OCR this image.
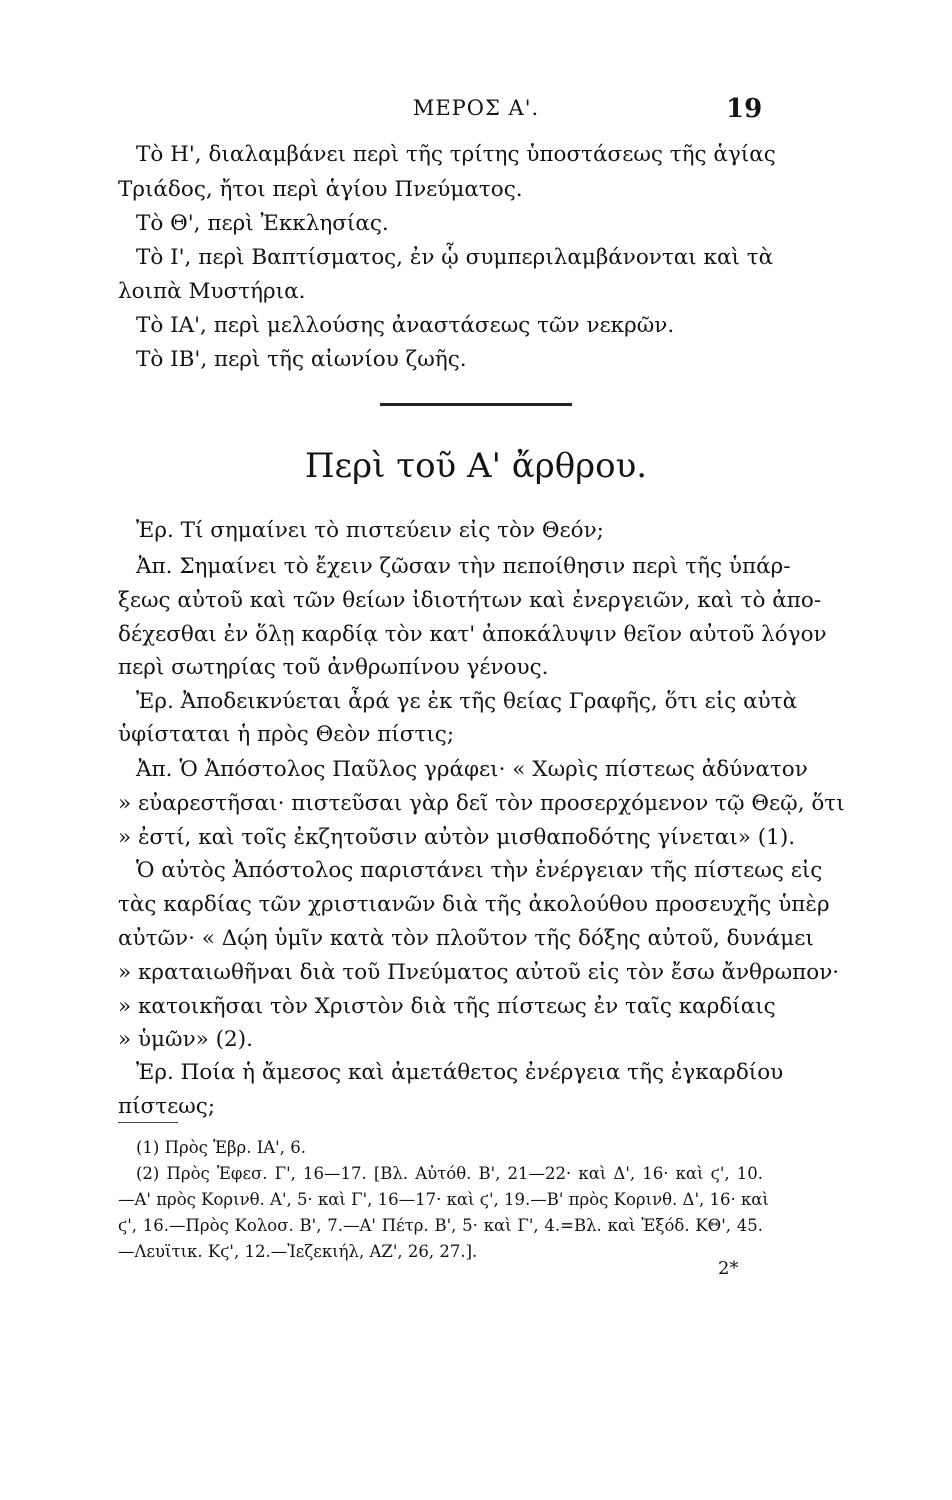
ΜΕΡΟΣ Α'.	19
Τὸ Η', διαλαμβάνει περὶ τῆς τρίτης ὑποστάσεως τῆς ἁγίας
Τριάδος, ἤτοι περὶ ἁγίου Πνεύματος.
Τὸ Θ', περὶ Ἐκκλησίας.
Τὸ Ι', περὶ Βαπτίσματος, ἐν ᾧ συμπεριλαμβάνονται καὶ τὰ
λοιπὰ Μυστήρια.
Τὸ ΙΑ', περὶ μελλούσης ἀναστάσεως τῶν νεκρῶν.
Τὸ ΙΒ', περὶ τῆς αἰωνίου ζωῆς.
Περὶ τοῦ Α' ἄρθρου.
Ἐρ. Τί σημαίνει τὸ πιστεύειν εἰς τὸν Θεόν;
Ἀπ. Σημαίνει τὸ ἔχειν ζῶσαν τὴν πεποίθησιν περὶ τῆς ὑπάρ-
ξεως αὐτοῦ καὶ τῶν θείων ἰδιοτήτων καὶ ἐνεργειῶν, καὶ τὸ ἀπο-
δέχεσθαι ἐν ὅλῃ καρδίᾳ τὸν κατ' ἀποκάλυψιν θεῖον αὐτοῦ λόγον
περὶ σωτηρίας τοῦ ἀνθρωπίνου γένους.
Ἐρ. Ἀποδεικνύεται ἆρά γε ἐκ τῆς θείας Γραφῆς, ὅτι εἰς αὐτὰ
ὑφίσταται ἡ πρὸς Θεὸν πίστις;
Ἀπ. Ὁ Ἀπόστολος Παῦλος γράφει· « Χωρὶς πίστεως ἀδύνατον
» εὐαρεστῆσαι· πιστεῦσαι γὰρ δεῖ τὸν προσερχόμενον τῷ Θεῷ, ὅτι
» ἐστί, καὶ τοῖς ἐκζητοῦσιν αὐτὸν μισθαποδότης γίνεται» (1).
Ὁ αὐτὸς Ἀπόστολος παριστάνει τὴν ἐνέργειαν τῆς πίστεως εἰς
τὰς καρδίας τῶν χριστιανῶν διὰ τῆς ἀκολούθου προσευχῆς ὑπὲρ
αὐτῶν· « Δῴη ὑμῖν κατὰ τὸν πλοῦτον τῆς δόξης αὐτοῦ, δυνάμει
» κραταιωθῆναι διὰ τοῦ Πνεύματος αὐτοῦ εἰς τὸν ἔσω ἄνθρωπον·
» κατοικῆσαι τὸν Χριστὸν διὰ τῆς πίστεως ἐν ταῖς καρδίαις
» ὑμῶν» (2).
Ἐρ. Ποία ἡ ἄμεσος καὶ ἀμετάθετος ἐνέργεια τῆς ἐγκαρδίου
πίστεως;
(1) Πρὸς Ἑβρ. ΙΑ', 6.
(2) Πρὸς Ἐφεσ. Γ', 16—17. [Βλ. Αὐτόθ. Β', 21—22· καὶ Δ', 16· καὶ ϛ', 10.
—Α' πρὸς Κορινθ. Α', 5· καὶ Γ', 16—17· καὶ ϛ', 19.—Β' πρὸς Κορινθ. Δ', 16· καὶ
ϛ', 16.—Πρὸς Κολοσ. Β', 7.—Α' Πέτρ. Β', 5· καὶ Γ', 4.=Βλ. καὶ Ἐξόδ. ΚΘ', 45.
—Λευϊτικ. Κϛ', 12.—Ἰεζεκιήλ, ΑΖ', 26, 27.].
2*
